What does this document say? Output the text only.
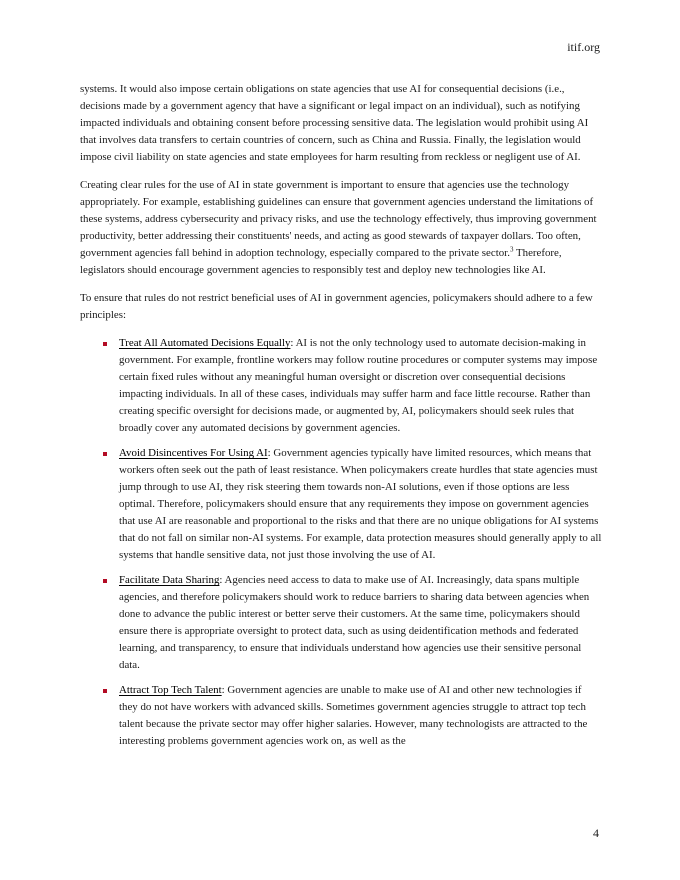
itif.org

systems. It would also impose certain obligations on state agencies that use AI for consequential decisions (i.e., decisions made by a government agency that have a significant or legal impact on an individual), such as notifying impacted individuals and obtaining consent before processing sensitive data. The legislation would prohibit using AI that involves data transfers to certain countries of concern, such as China and Russia. Finally, the legislation would impose civil liability on state agencies and state employees for harm resulting from reckless or negligent use of AI.

Creating clear rules for the use of AI in state government is important to ensure that agencies use the technology appropriately. For example, establishing guidelines can ensure that government agencies understand the limitations of these systems, address cybersecurity and privacy risks, and use the technology effectively, thus improving government productivity, better addressing their constituents' needs, and acting as good stewards of taxpayer dollars. Too often, government agencies fall behind in adoption technology, especially compared to the private sector.$^3$ Therefore, legislators should encourage government agencies to responsibly test and deploy new technologies like AI.

To ensure that rules do not restrict beneficial uses of AI in government agencies, policymakers should adhere to a few principles:

Treat All Automated Decisions Equally: AI is not the only technology used to automate decision-making in government. For example, frontline workers may follow routine procedures or computer systems may impose certain fixed rules without any meaningful human oversight or discretion over consequential decisions impacting individuals. In all of these cases, individuals may suffer harm and face little recourse. Rather than creating specific oversight for decisions made, or augmented by, AI, policymakers should seek rules that broadly cover any automated decisions by government agencies.
Avoid Disincentives For Using AI: Government agencies typically have limited resources, which means that workers often seek out the path of least resistance. When policymakers create hurdles that state agencies must jump through to use AI, they risk steering them towards non-AI solutions, even if those options are less optimal. Therefore, policymakers should ensure that any requirements they impose on government agencies that use AI are reasonable and proportional to the risks and that there are no unique obligations for AI systems that do not fall on similar non-AI systems. For example, data protection measures should generally apply to all systems that handle sensitive data, not just those involving the use of AI.
Facilitate Data Sharing: Agencies need access to data to make use of AI. Increasingly, data spans multiple agencies, and therefore policymakers should work to reduce barriers to sharing data between agencies when done to advance the public interest or better serve their customers. At the same time, policymakers should ensure there is appropriate oversight to protect data, such as using deidentification methods and federated learning, and transparency, to ensure that individuals understand how agencies use their sensitive personal data.
Attract Top Tech Talent: Government agencies are unable to make use of AI and other new technologies if they do not have workers with advanced skills. Sometimes government agencies struggle to attract top tech talent because the private sector may offer higher salaries. However, many technologists are attracted to the interesting problems government agencies work on, as well as the
4
